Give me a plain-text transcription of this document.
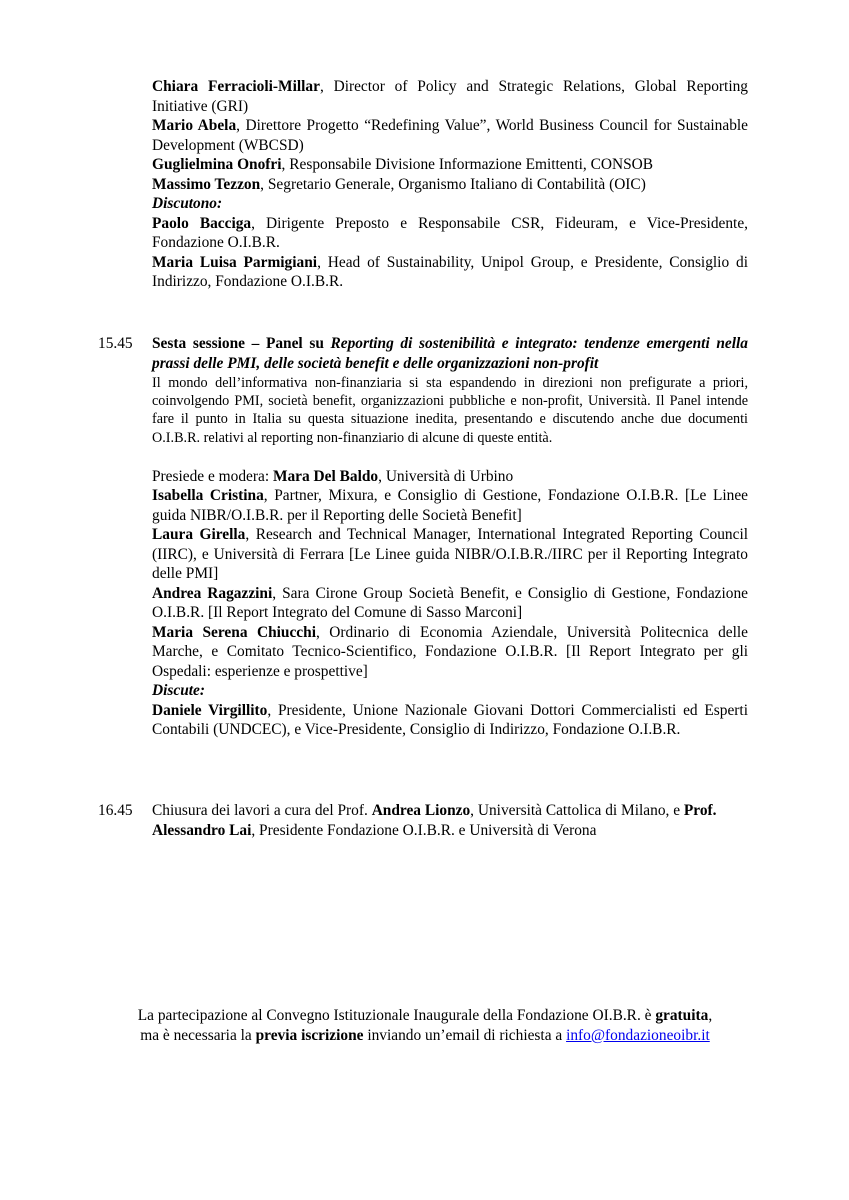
Chiara Ferracioli-Millar, Director of Policy and Strategic Relations, Global Reporting Initiative (GRI)

Mario Abela, Direttore Progetto “Redefining Value”, World Business Council for Sustainable Development (WBCSD)

Guglielmina Onofri, Responsabile Divisione Informazione Emittenti, CONSOB

Massimo Tezzon, Segretario Generale, Organismo Italiano di Contabilità (OIC)

Discutono:

Paolo Bacciga, Dirigente Preposto e Responsabile CSR, Fideuram, e Vice-Presidente, Fondazione O.I.B.R.

Maria Luisa Parmigiani, Head of Sustainability, Unipol Group, e Presidente, Consiglio di Indirizzo, Fondazione O.I.B.R.

15.45 Sesta sessione – Panel su Reporting di sostenibilità e integrato: tendenze emergenti nella prassi delle PMI, delle società benefit e delle organizzazioni non-profit

Il mondo dell’informativa non-finanziaria si sta espandendo in direzioni non prefigurate a priori, coinvolgendo PMI, società benefit, organizzazioni pubbliche e non-profit, Università. Il Panel intende fare il punto in Italia su questa situazione inedita, presentando e discutendo anche due documenti O.I.B.R. relativi al reporting non-finanziario di alcune di queste entità.

Presiede e modera: Mara Del Baldo, Università di Urbino

Isabella Cristina, Partner, Mixura, e Consiglio di Gestione, Fondazione O.I.B.R. [Le Linee guida NIBR/O.I.B.R. per il Reporting delle Società Benefit]

Laura Girella, Research and Technical Manager, International Integrated Reporting Council (IIRC), e Università di Ferrara [Le Linee guida NIBR/O.I.B.R./IIRC per il Reporting Integrato delle PMI]

Andrea Ragazzini, Sara Cirone Group Società Benefit, e Consiglio di Gestione, Fondazione O.I.B.R. [Il Report Integrato del Comune di Sasso Marconi]

Maria Serena Chiucchi, Ordinario di Economia Aziendale, Università Politecnica delle Marche, e Comitato Tecnico-Scientifico, Fondazione O.I.B.R. [Il Report Integrato per gli Ospedali: esperienze e prospettive]

Discute:

Daniele Virgillito, Presidente, Unione Nazionale Giovani Dottori Commercialisti ed Esperti Contabili (UNDCEC), e Vice-Presidente, Consiglio di Indirizzo, Fondazione O.I.B.R.

16.45 Chiusura dei lavori a cura del Prof. Andrea Lionzo, Università Cattolica di Milano, e Prof. Alessandro Lai, Presidente Fondazione O.I.B.R. e Università di Verona

La partecipazione al Convegno Istituzionale Inaugurale della Fondazione OI.B.R. è gratuita,
ma è necessaria la previa iscrizione inviando un’email di richiesta a info@fondazioneoibr.it
